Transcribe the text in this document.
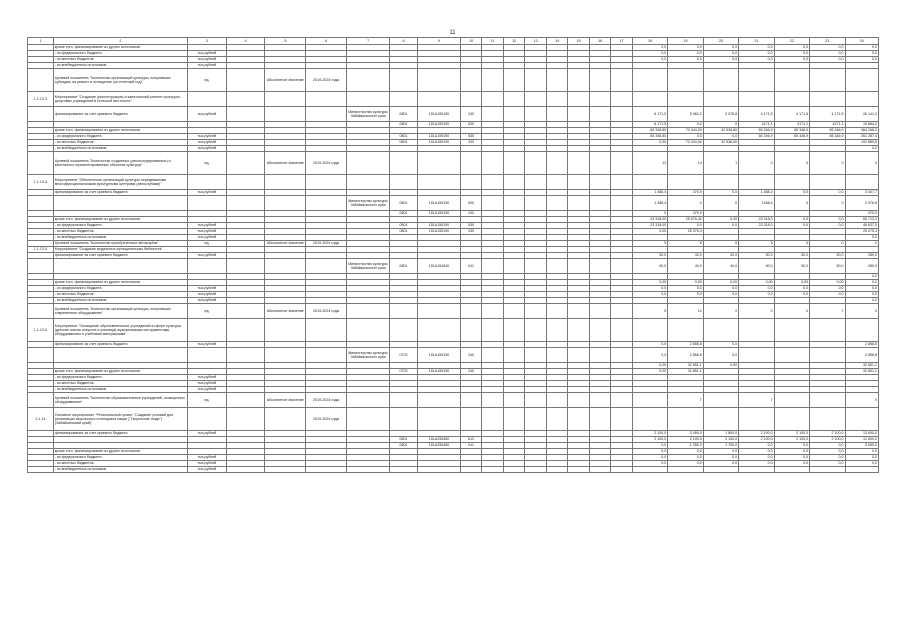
11
1	2	3	4	5	6	7	8	9	10	11	12	13	14	15	16	17	18	19	20	21	22	23	24
	кроме того, финансирование из других источников:																0,0	0,0	0,0	0,0	0,0	0,0	0,0
	- из федерального бюджета	тыс.рублей															0,0	0,0	0,0	0,0	0,0	0,0	0,0
	- из местных бюджетов	тыс.рублей															0,0	0,0	0,0	0,0	0,0	0,0	0,0
	- из внебюджетных источников	тыс.рублей																					
	Целевой показатель "Количество организаций культуры, получивших субсидию на ремонт и оснащение (за отчетный год)"	ед.		Абсолютное значение	2019-2024 годы																		
1.1.13.3	Мероприятие "Создание (реконструкция) и капитальный ремонт культурно-досуговых учреждений в сельской местности"																						
	финансирование за счет краевого бюджета	тыс.рублей				Министерство культуры Забайкальского края	0801	151A155190	240								6 171,5	5 462,2	2 076,8	4 171,5	4 171,5	4 171,5	26 141,2
							0801	151A155190	530								6 171,5	0,0	0	4171,1	4171,1	4171,1	19 684,4
	кроме того, финансирование из других источников:																65 346,80	70 344,00	32 536,60	65 346,9	65 346,9	65 346,9	364 268,0
	- из федерального бюджета	тыс.рублей					0801	151A155190	530								65 346,80	0,0	0,0	65 346,9	65 346,9	65 346,9	261 387,4
	- из местных бюджетов	тыс.рублей					0801	151A155190	240								0,00	70 344,00	32 536,60				102 880,6
	- из внебюджетных источников	тыс.рублей																					0,0
	Целевой показатель "Количество созданных (реконструированных) и капитально отремонтированных объектов культуры"	ед.		Абсолютное значение	2019-2024 годы												12	14	1	0	0	0	X
1.1.13.4	Мероприятие "Обеспечение организаций культуры передвижными многофункциональными культурными центрами (автоклубами)"																						
	финансирование за счет краевого бюджета	тыс.рублей															1 488,4	470,9	0,0	1 488,4	0,0	0,0	3 447,7
						Министерство культуры Забайкальского края	0801	151A155190	530								1 488,4	0	0	1488,4	0	0	2 976,8
							0801	151A155190	240								0	470,9					470,9
	кроме того, финансирование из других источников:																23 318,00	25 075,40	0,00	23 318,0	0,0	0,0	65 713,3
	- из федерального бюджета	тыс.рублей					0801	151A155190	530								23 318,00	0,0	0,0	23 318,0	0,0	0,0	46 637,0
	- из местных бюджетов	тыс.рублей					0801	151A155190	240								0,00	25 075,4					25 075,4
	- из внебюджетных источников	тыс.рублей																					0,0
	Целевой показатель "Количество приобретенных автоклубов"	ед.		Абсолютное значение	2019-2024 годы												5	5	0	5	0	0	X
1.1.13.5	Мероприятие "Создание модельных муниципальных библиотек"																						
	финансирование за счет краевого бюджета	тыс.рублей															50,0	40,0	40,0	50,0	50,0	50,0	280,0
						Министерство культуры Забайкальского края	0801	151A154540	611								50,0	40,0	40,0	50,0	50,0	50,0	280,0
																							0,0
	кроме того, финансирование из других источников:																0,00	0,00	0,00	0,00	0,00	0,00	0,0
	- из федерального бюджета	тыс.рублей															0,0	0,0	0,0	0,0	0,0	0,0	0,0
	- из местных бюджетов	тыс.рублей															0,0	0,0	0,0	0,0	0,0	0,0	0,0
	- из внебюджетных источников	тыс.рублей																					0,0
	Целевой показатель "Количество организаций культуры, получивших современное оборудование"	ед.		Абсолютное значение	2019-2024 годы												5	12	2	0	0	7	X
1.1.13.6	Мероприятие "Оснащение образовательных учреждений в сфере культуры (детские школы искусств и училища) музыкальными инструментами, оборудованием и учебными материалами"																						
	финансирование за счет краевого бюджета	тыс.рублей															0,0	2 858,8	0,0				2 858,8
						Министерство культуры Забайкальского края	0703	151A155190	240								0,0	2 858,8	0,0				2 858,8
																	0,00	32 851,1	0,00				32 851,1
	кроме того, финансирование из других источников:						0703	151A155190	240								0,00	32 851,1					32 851,1
	- из федерального бюджета	тыс.рублей																					
	- из местных бюджетов	тыс.рублей																					
	- из внебюджетных источников	тыс.рублей																					
	Целевой показатель "Количество образовательных учреждений, оснащенных оборудованием"	ед.		Абсолютное значение	2019-2024 годы													7		7			X
1.1.14	Основное мероприятие "Региональный проект "Создание условий для реализации творческого потенциала нации ("Творческие люди") (Забайкальский край)"				2019-2024 годы																		
	финансирование за счет краевого бюджета	тыс.рублей															2 100,0	3 450,0	1 800,0	2 100,0	2 100,0	2 100,0	13 650,0
							0801	151A255460	612								2 100,0	2 100,0	2 100,0	2 100,0	2 100,0	2 100,0	12 600,0
							0801	151A255460	611								0,0	1 350,0	1 700,0	0,0	0,0	0,0	3 050,0
	кроме того, финансирование из других источников:																0,0	0,0	0,0	0,0	0,0	0,0	0,0
	- из федерального бюджета	тыс.рублей															0,0	0,0	0,0	0,0	0,0	0,0	0,0
	- из местных бюджетов	тыс.рублей															0,0	0,0	0,0	0,0	0,0	0,0	0,0
	- из внебюджетных источников	тыс.рублей																					
